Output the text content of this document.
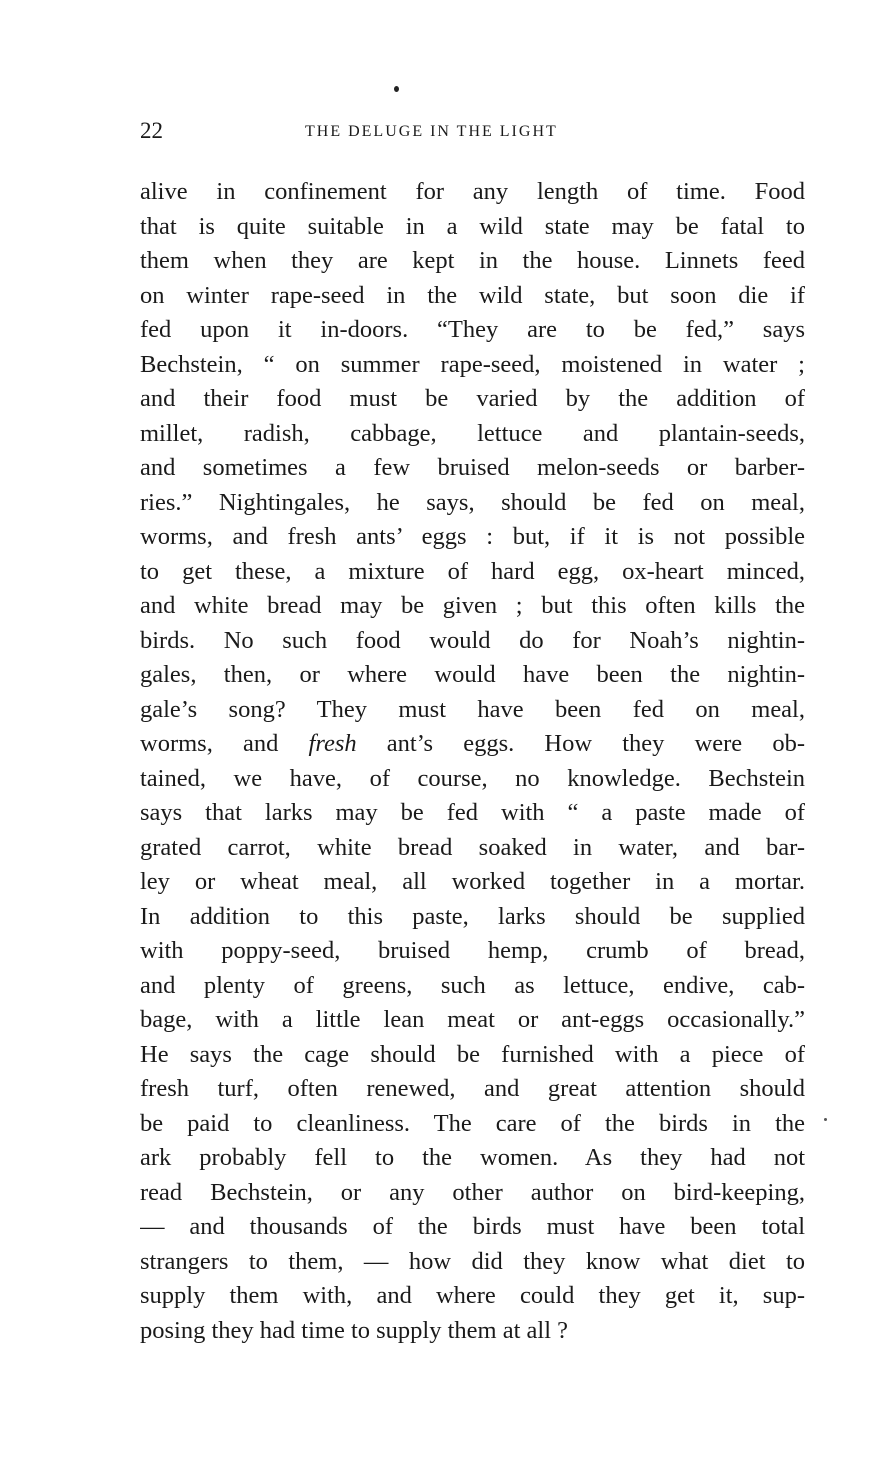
22	THE DELUGE IN THE LIGHT
alive in confinement for any length of time. Food
that is quite suitable in a wild state may be fatal to
them when they are kept in the house. Linnets feed
on winter rape-seed in the wild state, but soon die if
fed upon it in-doors. “They are to be fed,” says
Bechstein, “ on summer rape-seed, moistened in water ;
and their food must be varied by the addition of
millet, radish, cabbage, lettuce and plantain-seeds,
and sometimes a few bruised melon-seeds or barber-
ries.” Nightingales, he says, should be fed on meal,
worms, and fresh ants’ eggs : but, if it is not possible
to get these, a mixture of hard egg, ox-heart minced,
and white bread may be given ; but this often kills the
birds. No such food would do for Noah’s nightin-
gales, then, or where would have been the nightin-
gale’s song? They must have been fed on meal,
worms, and fresh ant’s eggs. How they were ob-
tained, we have, of course, no knowledge. Bechstein
says that larks may be fed with “ a paste made of
grated carrot, white bread soaked in water, and bar-
ley or wheat meal, all worked together in a mortar.
In addition to this paste, larks should be supplied
with poppy-seed, bruised hemp, crumb of bread,
and plenty of greens, such as lettuce, endive, cab-
bage, with a little lean meat or ant-eggs occasionally.”
He says the cage should be furnished with a piece of
fresh turf, often renewed, and great attention should
be paid to cleanliness. The care of the birds in the
ark probably fell to the women. As they had not
read Bechstein, or any other author on bird-keeping,
— and thousands of the birds must have been total
strangers to them, — how did they know what diet to
supply them with, and where could they get it, sup-
posing they had time to supply them at all ?
